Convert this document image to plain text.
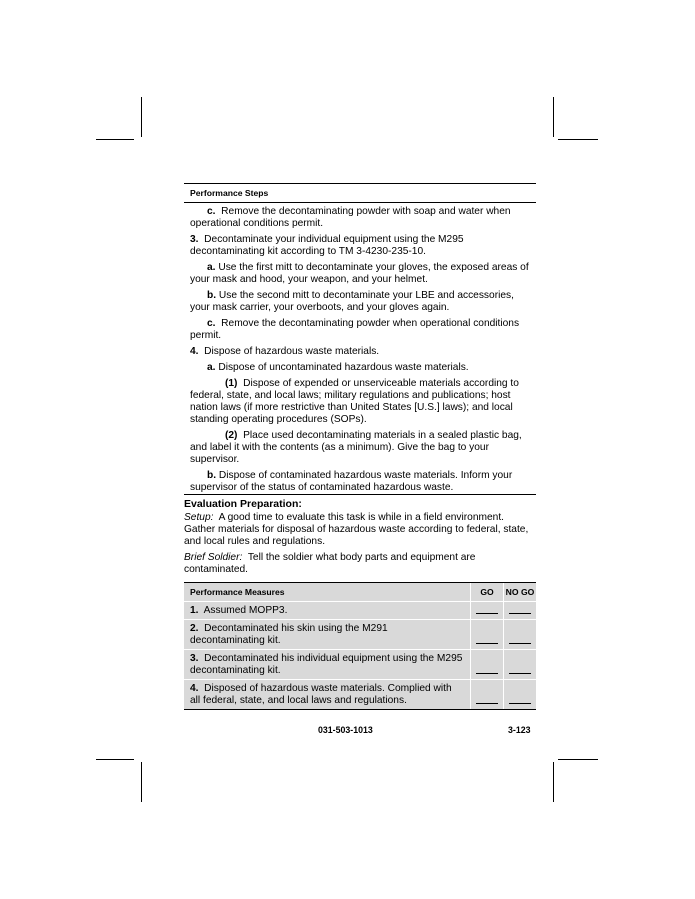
Performance Steps

c. Remove the decontaminating powder with soap and water when operational conditions permit.

3. Decontaminate your individual equipment using the M295 decontaminating kit according to TM 3-4230-235-10.

a. Use the first mitt to decontaminate your gloves, the exposed areas of your mask and hood, your weapon, and your helmet.

b. Use the second mitt to decontaminate your LBE and accessories, your mask carrier, your overboots, and your gloves again.

c. Remove the decontaminating powder when operational conditions permit.

4. Dispose of hazardous waste materials.

a. Dispose of uncontaminated hazardous waste materials.

(1) Dispose of expended or unserviceable materials according to federal, state, and local laws; military regulations and publications; host nation laws (if more restrictive than United States [U.S.] laws); and local standing operating procedures (SOPs).

(2) Place used decontaminating materials in a sealed plastic bag, and label it with the contents (as a minimum). Give the bag to your supervisor.

b. Dispose of contaminated hazardous waste materials. Inform your supervisor of the status of contaminated hazardous waste.

Evaluation Preparation:

Setup: A good time to evaluate this task is while in a field environment. Gather materials for disposal of hazardous waste according to federal, state, and local rules and regulations.

Brief Soldier: Tell the soldier what body parts and equipment are contaminated.

Performance Measures	GO	NO GO
1. Assumed MOPP3.	

2. Decontaminated his skin using the M291 decontaminating kit.	

3. Decontaminated his individual equipment using the M295 decontaminating kit.	

4. Disposed of hazardous waste materials. Complied with all federal, state, and local laws and regulations.	

031-503-1013	3-123
